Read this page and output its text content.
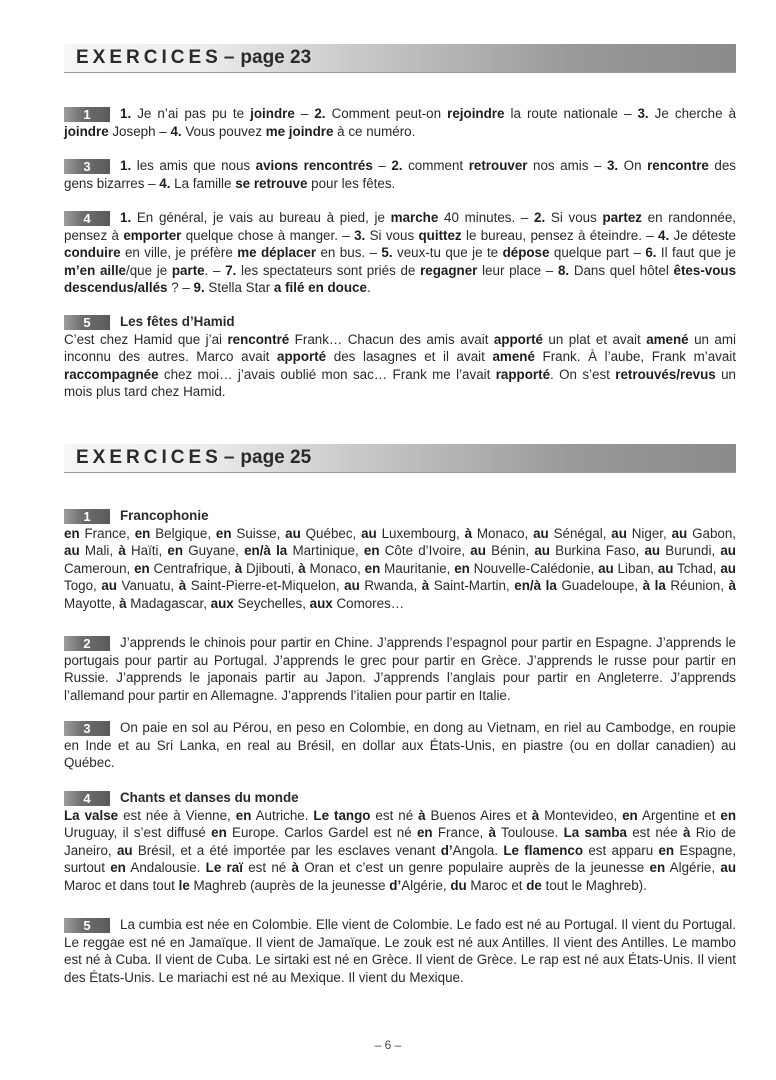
EXERCICES – page 23

1 1. Je n’ai pas pu te joindre – 2. Comment peut-on rejoindre la route nationale – 3. Je cherche à joindre Joseph – 4. Vous pouvez me joindre à ce numéro.

3 1. les amis que nous avions rencontrés – 2. comment retrouver nos amis – 3. On rencontre des gens bizarres – 4. La famille se retrouve pour les fêtes.

4 1. En général, je vais au bureau à pied, je marche 40 minutes. – 2. Si vous partez en randonnée, pensez à emporter quelque chose à manger. – 3. Si vous quittez le bureau, pensez à éteindre. – 4. Je déteste conduire en ville, je préfère me déplacer en bus. – 5. veux-tu que je te dépose quelque part – 6. Il faut que je m’en aille/que je parte. – 7. les spectateurs sont priés de regagner leur place – 8. Dans quel hôtel êtes-vous descendus/allés ? – 9. Stella Star a filé en douce.

5 Les fêtes d’Hamid

C’est chez Hamid que j’ai rencontré Frank… Chacun des amis avait apporté un plat et avait amené un ami inconnu des autres. Marco avait apporté des lasagnes et il avait amené Frank. À l’aube, Frank m’avait raccompagnée chez moi… j’avais oublié mon sac… Frank me l’avait rapporté. On s’est retrouvés/revus un mois plus tard chez Hamid.

EXERCICES – page 25

1 Francophonie

en France, en Belgique, en Suisse, au Québec, au Luxembourg, à Monaco, au Sénégal, au Niger, au Gabon, au Mali, à Haïti, en Guyane, en/à la Martinique, en Côte d’Ivoire, au Bénin, au Burkina Faso, au Burundi, au Cameroun, en Centrafrique, à Djibouti, à Monaco, en Mauritanie, en Nouvelle-Calédonie, au Liban, au Tchad, au Togo, au Vanuatu, à Saint-Pierre-et-Miquelon, au Rwanda, à Saint-Martin, en/à la Guadeloupe, à la Réunion, à Mayotte, à Madagascar, aux Seychelles, aux Comores…

2 J’apprends le chinois pour partir en Chine. J’apprends l’espagnol pour partir en Espagne. J’apprends le portugais pour partir au Portugal. J’apprends le grec pour partir en Grèce. J’apprends le russe pour partir en Russie. J’apprends le japonais partir au Japon. J’apprends l’anglais pour partir en Angleterre. J’apprends l’allemand pour partir en Allemagne. J’apprends l’italien pour partir en Italie.

3 On paie en sol au Pérou, en peso en Colombie, en dong au Vietnam, en riel au Cambodge, en roupie en Inde et au Sri Lanka, en real au Brésil, en dollar aux États-Unis, en piastre (ou en dollar canadien) au Québec.

4 Chants et danses du monde

La valse est née à Vienne, en Autriche. Le tango est né à Buenos Aires et à Montevideo, en Argentine et en Uruguay, il s’est diffusé en Europe. Carlos Gardel est né en France, à Toulouse. La samba est née à Rio de Janeiro, au Brésil, et a été importée par les esclaves venant d’Angola. Le flamenco est apparu en Espagne, surtout en Andalousie. Le raï est né à Oran et c’est un genre populaire auprès de la jeunesse en Algérie, au Maroc et dans tout le Maghreb (auprès de la jeunesse d’Algérie, du Maroc et de tout le Maghreb).

5 La cumbia est née en Colombie. Elle vient de Colombie. Le fado est né au Portugal. Il vient du Portugal. Le reggae est né en Jamaïque. Il vient de Jamaïque. Le zouk est né aux Antilles. Il vient des Antilles. Le mambo est né à Cuba. Il vient de Cuba. Le sirtaki est né en Grèce. Il vient de Grèce. Le rap est né aux États-Unis. Il vient des États-Unis. Le mariachi est né au Mexique. Il vient du Mexique.

– 6 –
